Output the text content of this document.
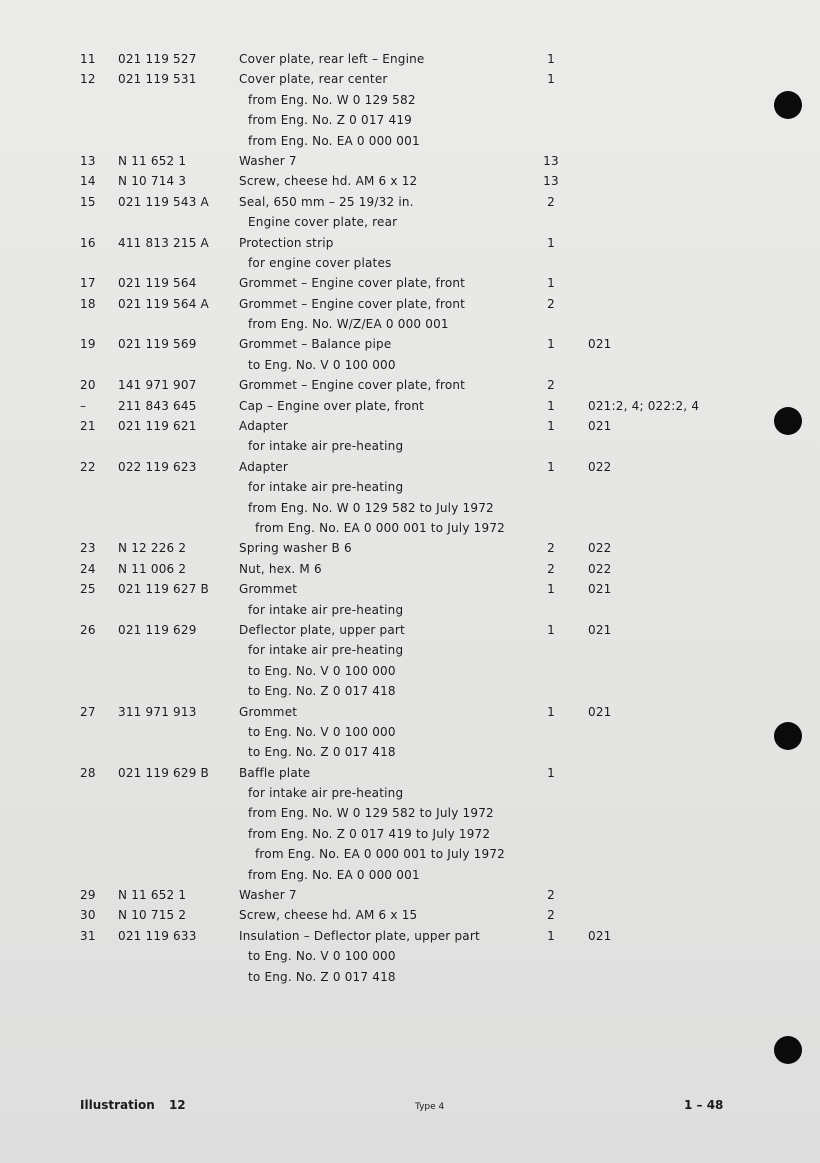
11	021 119 527	Cover plate, rear left – Engine	1
12	021 119 531	Cover plate, rear center	1
from Eng. No. W 0 129 582
from Eng. No. Z 0 017 419
from Eng. No. EA 0 000 001
13	N 11 652 1	Washer 7	13
14	N 10 714 3	Screw, cheese hd. AM 6 x 12	13
15	021 119 543 A	Seal, 650 mm – 25 19/32 in.	2
Engine cover plate, rear
16	411 813 215 A	Protection strip	1
for engine cover plates
17	021 119 564	Grommet – Engine cover plate, front	1
18	021 119 564 A	Grommet – Engine cover plate, front	2
from Eng. No. W/Z/EA 0 000 001
19	021 119 569	Grommet – Balance pipe	1	021
to Eng. No. V 0 100 000
20	141 971 907	Grommet – Engine cover plate, front	2
–	211 843 645	Cap – Engine over plate, front	1	021:2, 4; 022:2, 4
21	021 119 621	Adapter	1	021
for intake air pre-heating
22	022 119 623	Adapter	1	022
for intake air pre-heating
from Eng. No. W 0 129 582 to July 1972
from Eng. No. EA 0 000 001 to July 1972
23	N 12 226 2	Spring washer B 6	2	022
24	N 11 006 2	Nut, hex. M 6	2	022
25	021 119 627 B	Grommet	1	021
for intake air pre-heating
26	021 119 629	Deflector plate, upper part	1	021
for intake air pre-heating
to Eng. No. V 0 100 000
to Eng. No. Z 0 017 418
27	311 971 913	Grommet	1	021
to Eng. No. V 0 100 000
to Eng. No. Z 0 017 418
28	021 119 629 B	Baffle plate	1
for intake air pre-heating
from Eng. No. W 0 129 582 to July 1972
from Eng. No. Z 0 017 419 to July 1972
from Eng. No. EA 0 000 001 to July 1972
from Eng. No. EA 0 000 001
29	N 11 652 1	Washer 7	2
30	N 10 715 2	Screw, cheese hd. AM 6 x 15	2
31	021 119 633	Insulation – Deflector plate, upper part	1	021
to Eng. No. V 0 100 000
to Eng. No. Z 0 017 418
Illustration 12	Type 4	1 – 48
